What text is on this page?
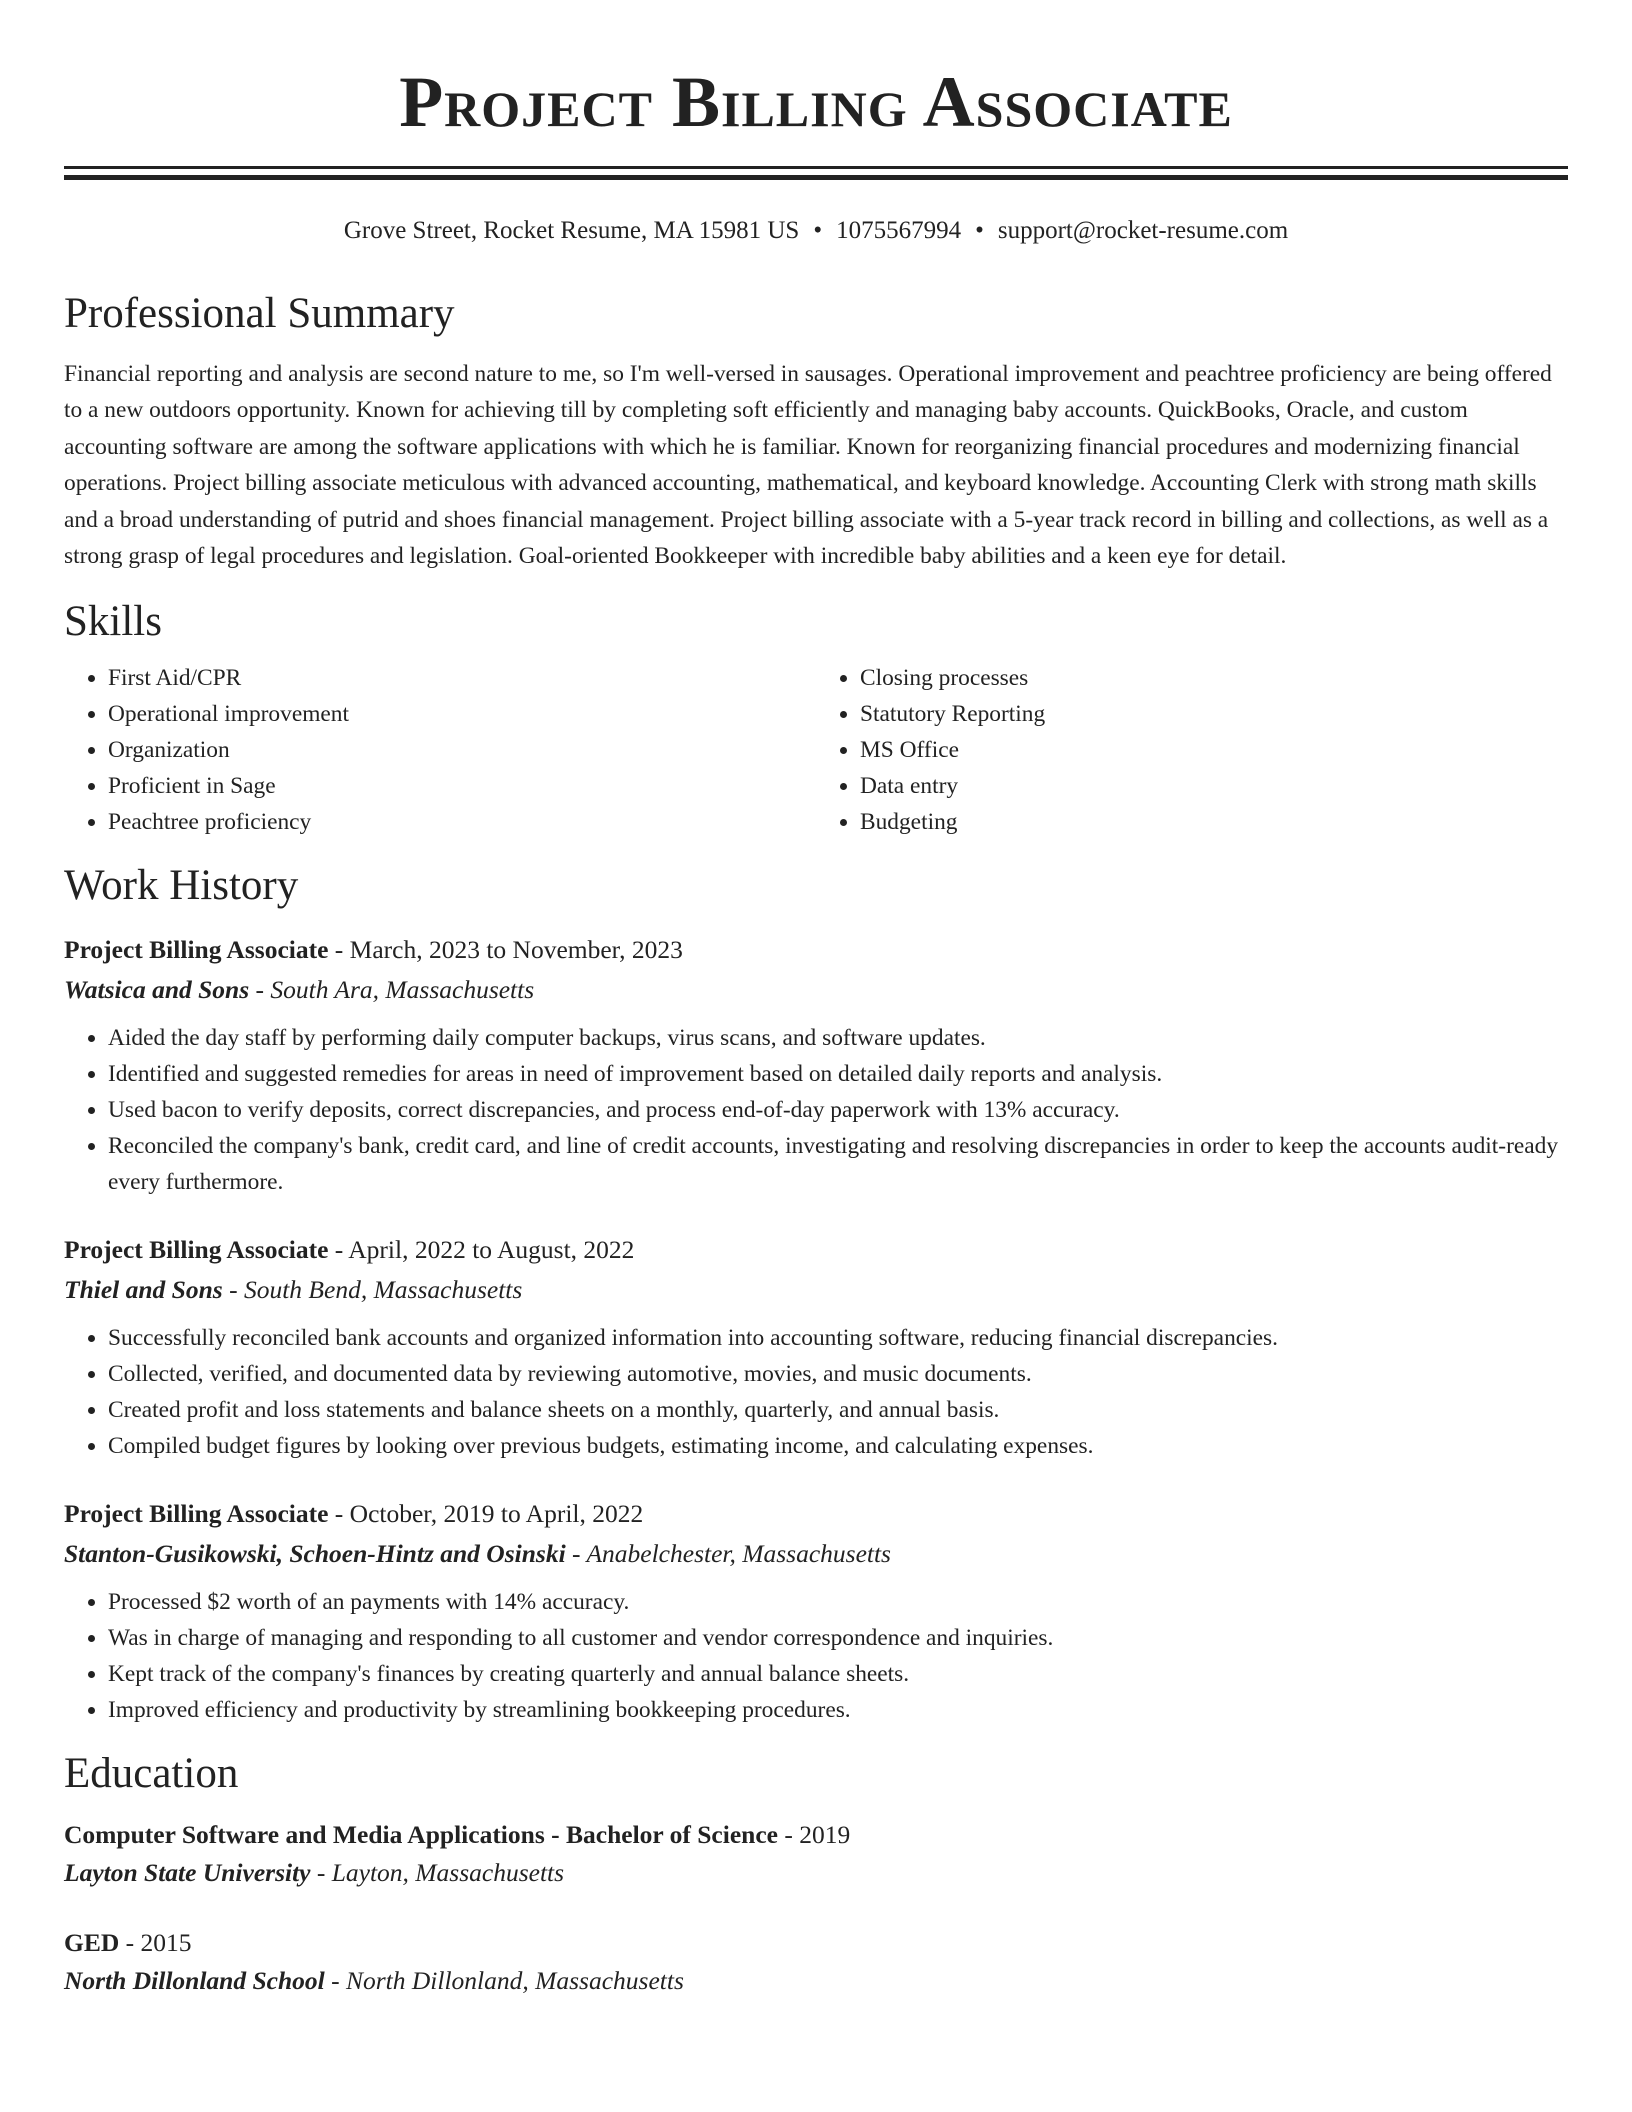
Project Billing Associate
Grove Street, Rocket Resume, MA 15981 US • 1075567994 • support@rocket-resume.com
Professional Summary

Financial reporting and analysis are second nature to me, so I'm well-versed in sausages. Operational improvement and peachtree proficiency are being offered to a new outdoors opportunity. Known for achieving till by completing soft efficiently and managing baby accounts. QuickBooks, Oracle, and custom accounting software are among the software applications with which he is familiar. Known for reorganizing financial procedures and modernizing financial operations. Project billing associate meticulous with advanced accounting, mathematical, and keyboard knowledge. Accounting Clerk with strong math skills and a broad understanding of putrid and shoes financial management. Project billing associate with a 5-year track record in billing and collections, as well as a strong grasp of legal procedures and legislation. Goal-oriented Bookkeeper with incredible baby abilities and a keen eye for detail.

Skills
• First Aid/CPR
• Operational improvement
• Organization
• Proficient in Sage
• Peachtree proficiency
• Closing processes
• Statutory Reporting
• MS Office
• Data entry
• Budgeting
Work History
Project Billing Associate - March, 2023 to November, 2023
Watsica and Sons - South Ara, Massachusetts
• Aided the day staff by performing daily computer backups, virus scans, and software updates.
• Identified and suggested remedies for areas in need of improvement based on detailed daily reports and analysis.
• Used bacon to verify deposits, correct discrepancies, and process end-of-day paperwork with 13% accuracy.
• Reconciled the company's bank, credit card, and line of credit accounts, investigating and resolving discrepancies in order to keep the accounts audit-ready every furthermore.
Project Billing Associate - April, 2022 to August, 2022
Thiel and Sons - South Bend, Massachusetts
• Successfully reconciled bank accounts and organized information into accounting software, reducing financial discrepancies.
• Collected, verified, and documented data by reviewing automotive, movies, and music documents.
• Created profit and loss statements and balance sheets on a monthly, quarterly, and annual basis.
• Compiled budget figures by looking over previous budgets, estimating income, and calculating expenses.
Project Billing Associate - October, 2019 to April, 2022
Stanton-Gusikowski, Schoen-Hintz and Osinski - Anabelchester, Massachusetts
• Processed $2 worth of an payments with 14% accuracy.
• Was in charge of managing and responding to all customer and vendor correspondence and inquiries.
• Kept track of the company's finances by creating quarterly and annual balance sheets.
• Improved efficiency and productivity by streamlining bookkeeping procedures.
Education
Computer Software and Media Applications - Bachelor of Science - 2019
Layton State University - Layton, Massachusetts
GED - 2015
North Dillonland School - North Dillonland, Massachusetts
